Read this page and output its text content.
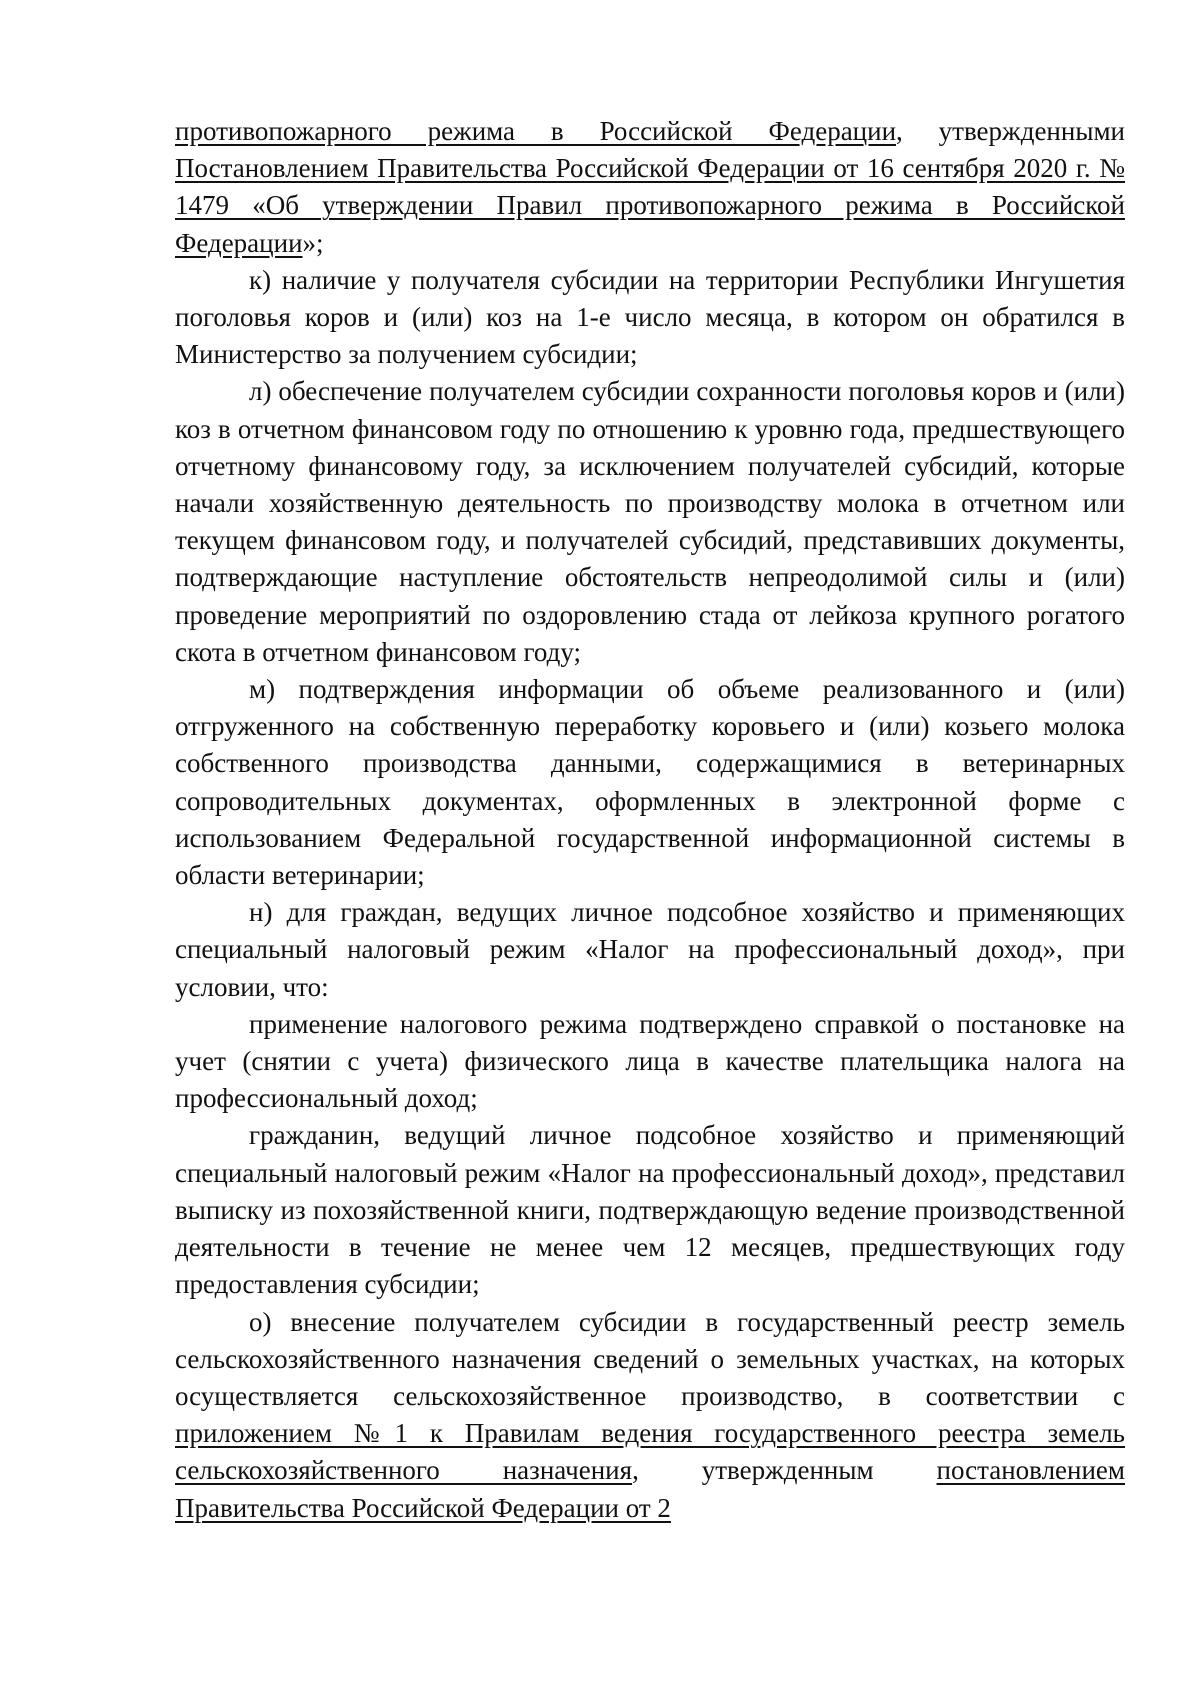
противопожарного режима в Российской Федерации, утвержденными Постановлением Правительства Российской Федерации от 16 сентября 2020 г. № 1479 «Об утверждении Правил противопожарного режима в Российской Федерации»;

к) наличие у получателя субсидии на территории Республики Ингушетия поголовья коров и (или) коз на 1-е число месяца, в котором он обратился в Министерство за получением субсидии;

л) обеспечение получателем субсидии сохранности поголовья коров и (или) коз в отчетном финансовом году по отношению к уровню года, предшествующего отчетному финансовому году, за исключением получателей субсидий, которые начали хозяйственную деятельность по производству молока в отчетном или текущем финансовом году, и получателей субсидий, представивших документы, подтверждающие наступление обстоятельств непреодолимой силы и (или) проведение мероприятий по оздоровлению стада от лейкоза крупного рогатого скота в отчетном финансовом году;

м) подтверждения информации об объеме реализованного и (или) отгруженного на собственную переработку коровьего и (или) козьего молока собственного производства данными, содержащимися в ветеринарных сопроводительных документах, оформленных в электронной форме с использованием Федеральной государственной информационной системы в области ветеринарии;

н) для граждан, ведущих личное подсобное хозяйство и применяющих специальный налоговый режим «Налог на профессиональный доход», при условии, что:

применение налогового режима подтверждено справкой о постановке на учет (снятии с учета) физического лица в качестве плательщика налога на профессиональный доход;

гражданин, ведущий личное подсобное хозяйство и применяющий специальный налоговый режим «Налог на профессиональный доход», представил выписку из похозяйственной книги, подтверждающую ведение производственной деятельности в течение не менее чем 12 месяцев, предшествующих году предоставления субсидии;

о) внесение получателем субсидии в государственный реестр земель сельскохозяйственного назначения сведений о земельных участках, на которых осуществляется сельскохозяйственное производство, в соответствии с приложением №1 к Правилам ведения государственного реестра земель сельскохозяйственного назначения, утвержденным постановлением Правительства Российской Федерации от 2
